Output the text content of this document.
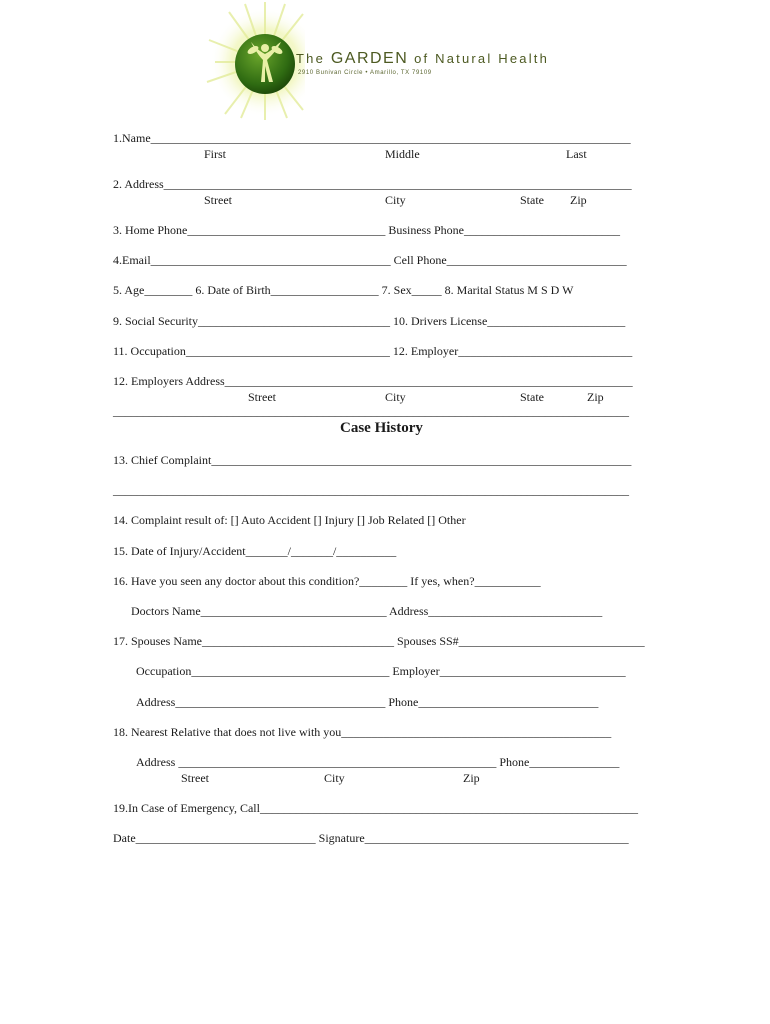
The GARDEN of Natural Health
2910 Bunivan Circle • Amarillo, TX 79109
1.Name________________________________________________________________________________
First	Middle	Last
2. Address______________________________________________________________________________
Street	City	State Zip
3. Home Phone_________________________________ Business Phone__________________________
4.Email________________________________________ Cell Phone______________________________
5. Age________ 6. Date of Birth__________________ 7. Sex_____ 8. Marital Status M S D W
9. Social Security________________________________ 10. Drivers License_______________________
11. Occupation__________________________________ 12. Employer_____________________________
12. Employers Address____________________________________________________________________
Street	City	State	Zip
______________________________________________________________________________________
Case History
13. Chief Complaint______________________________________________________________________
______________________________________________________________________________________
14. Complaint result of: [] Auto Accident [] Injury [] Job Related [] Other
15. Date of Injury/Accident_______/_______/__________
16. Have you seen any doctor about this condition?________ If yes, when?___________
Doctors Name_______________________________ Address_____________________________
17. Spouses Name________________________________ Spouses SS#_______________________________
Occupation_________________________________ Employer_______________________________
Address___________________________________ Phone______________________________
18. Nearest Relative that does not live with you_____________________________________________
Address _____________________________________________________ Phone_______________
Street	City	Zip
19.In Case of Emergency, Call_______________________________________________________________
Date______________________________ Signature____________________________________________
